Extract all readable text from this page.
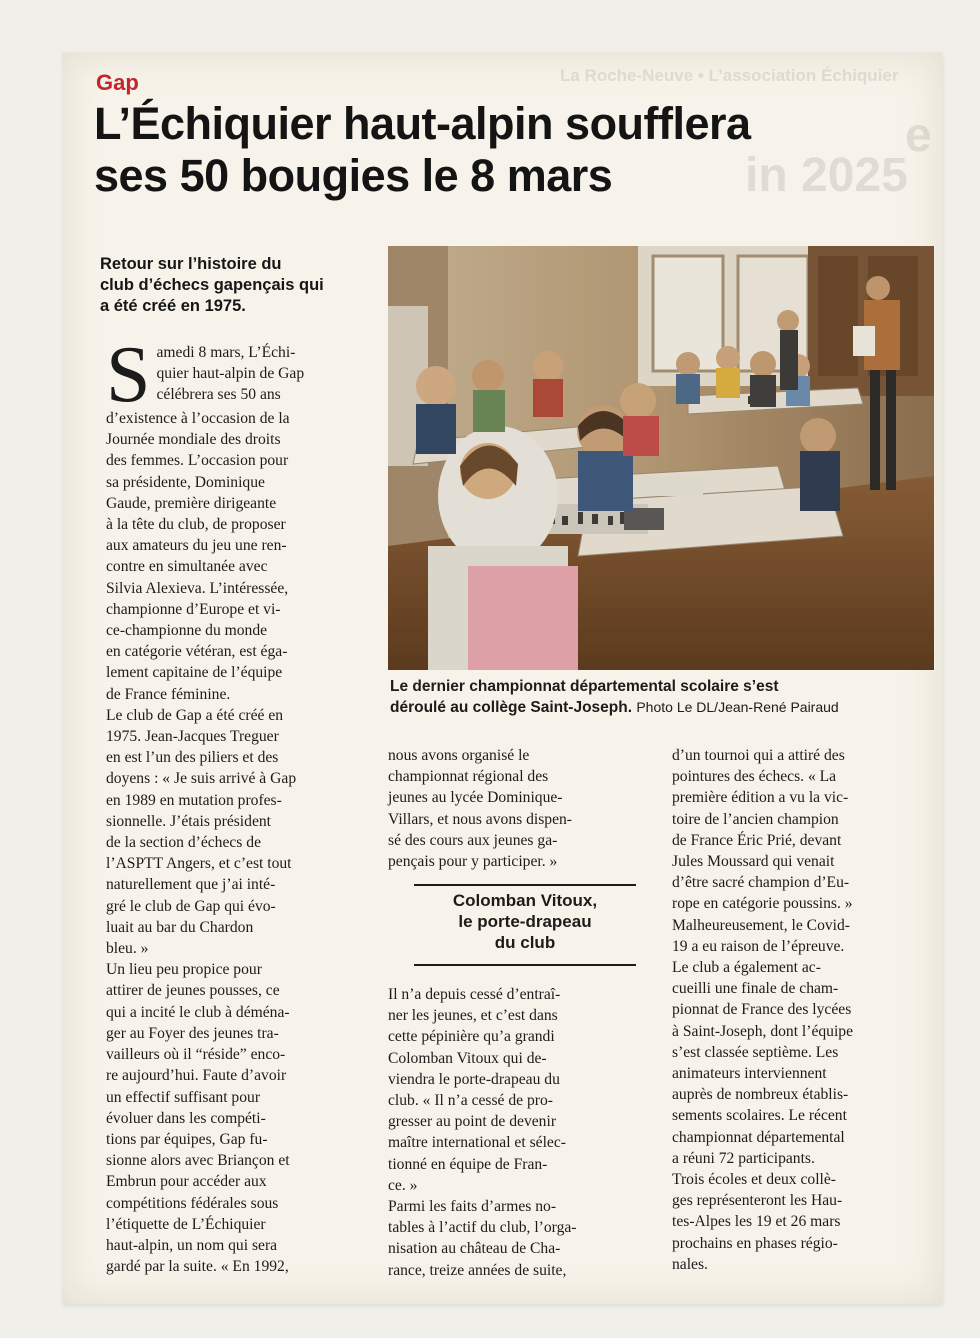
La Roche-Neuve • L’association Échiquier
e
in 2025
Gap
L’Échiquier haut-alpin soufflera
ses 50 bougies le 8 mars
Retour sur l’histoire du
club d’échecs gapençais qui
a été créé en 1975.
Le dernier championnat départemental scolaire s’est
déroulé au collège Saint-Joseph. Photo Le DL/Jean-René Pairaud
S amedi 8 mars, L’Échi-
quier haut-alpin de Gap
célébrera ses 50 ans
d’existence à l’occasion de la
Journée mondiale des droits
des femmes. L’occasion pour
sa présidente, Dominique
Gaude, première dirigeante
à la tête du club, de proposer
aux amateurs du jeu une ren-
contre en simultanée avec
Silvia Alexieva. L’intéressée,
championne d’Europe et vi-
ce-championne du monde
en catégorie vétéran, est éga-
lement capitaine de l’équipe
de France féminine.
Le club de Gap a été créé en
1975. Jean-Jacques Treguer
en est l’un des piliers et des
doyens : « Je suis arrivé à Gap
en 1989 en mutation profes-
sionnelle. J’étais président
de la section d’échecs de
l’ASPTT Angers, et c’est tout
naturellement que j’ai inté-
gré le club de Gap qui évo-
luait au bar du Chardon
bleu. »
Un lieu peu propice pour
attirer de jeunes pousses, ce
qui a incité le club à déména-
ger au Foyer des jeunes tra-
vailleurs où il “réside” enco-
re aujourd’hui. Faute d’avoir
un effectif suffisant pour
évoluer dans les compéti-
tions par équipes, Gap fu-
sionne alors avec Briançon et
Embrun pour accéder aux
compétitions fédérales sous
l’étiquette de L’Échiquier
haut-alpin, un nom qui sera
gardé par la suite. « En 1992,
nous avons organisé le
championnat régional des
jeunes au lycée Dominique-
Villars, et nous avons dispen-
sé des cours aux jeunes ga-
pençais pour y participer. »
Colomban Vitoux,
le porte-drapeau
du club
Il n’a depuis cessé d’entraî-
ner les jeunes, et c’est dans
cette pépinière qu’a grandi
Colomban Vitoux qui de-
viendra le porte-drapeau du
club. « Il n’a cessé de pro-
gresser au point de devenir
maître international et sélec-
tionné en équipe de Fran-
ce. »
Parmi les faits d’armes no-
tables à l’actif du club, l’orga-
nisation au château de Cha-
rance, treize années de suite,
d’un tournoi qui a attiré des
pointures des échecs. « La
première édition a vu la vic-
toire de l’ancien champion
de France Éric Prié, devant
Jules Moussard qui venait
d’être sacré champion d’Eu-
rope en catégorie poussins. »
Malheureusement, le Covid-
19 a eu raison de l’épreuve.
Le club a également ac-
cueilli une finale de cham-
pionnat de France des lycées
à Saint-Joseph, dont l’équipe
s’est classée septième. Les
animateurs interviennent
auprès de nombreux établis-
sements scolaires. Le récent
championnat départemental
a réuni 72 participants.
Trois écoles et deux collè-
ges représenteront les Hau-
tes-Alpes les 19 et 26 mars
prochains en phases régio-
nales.
